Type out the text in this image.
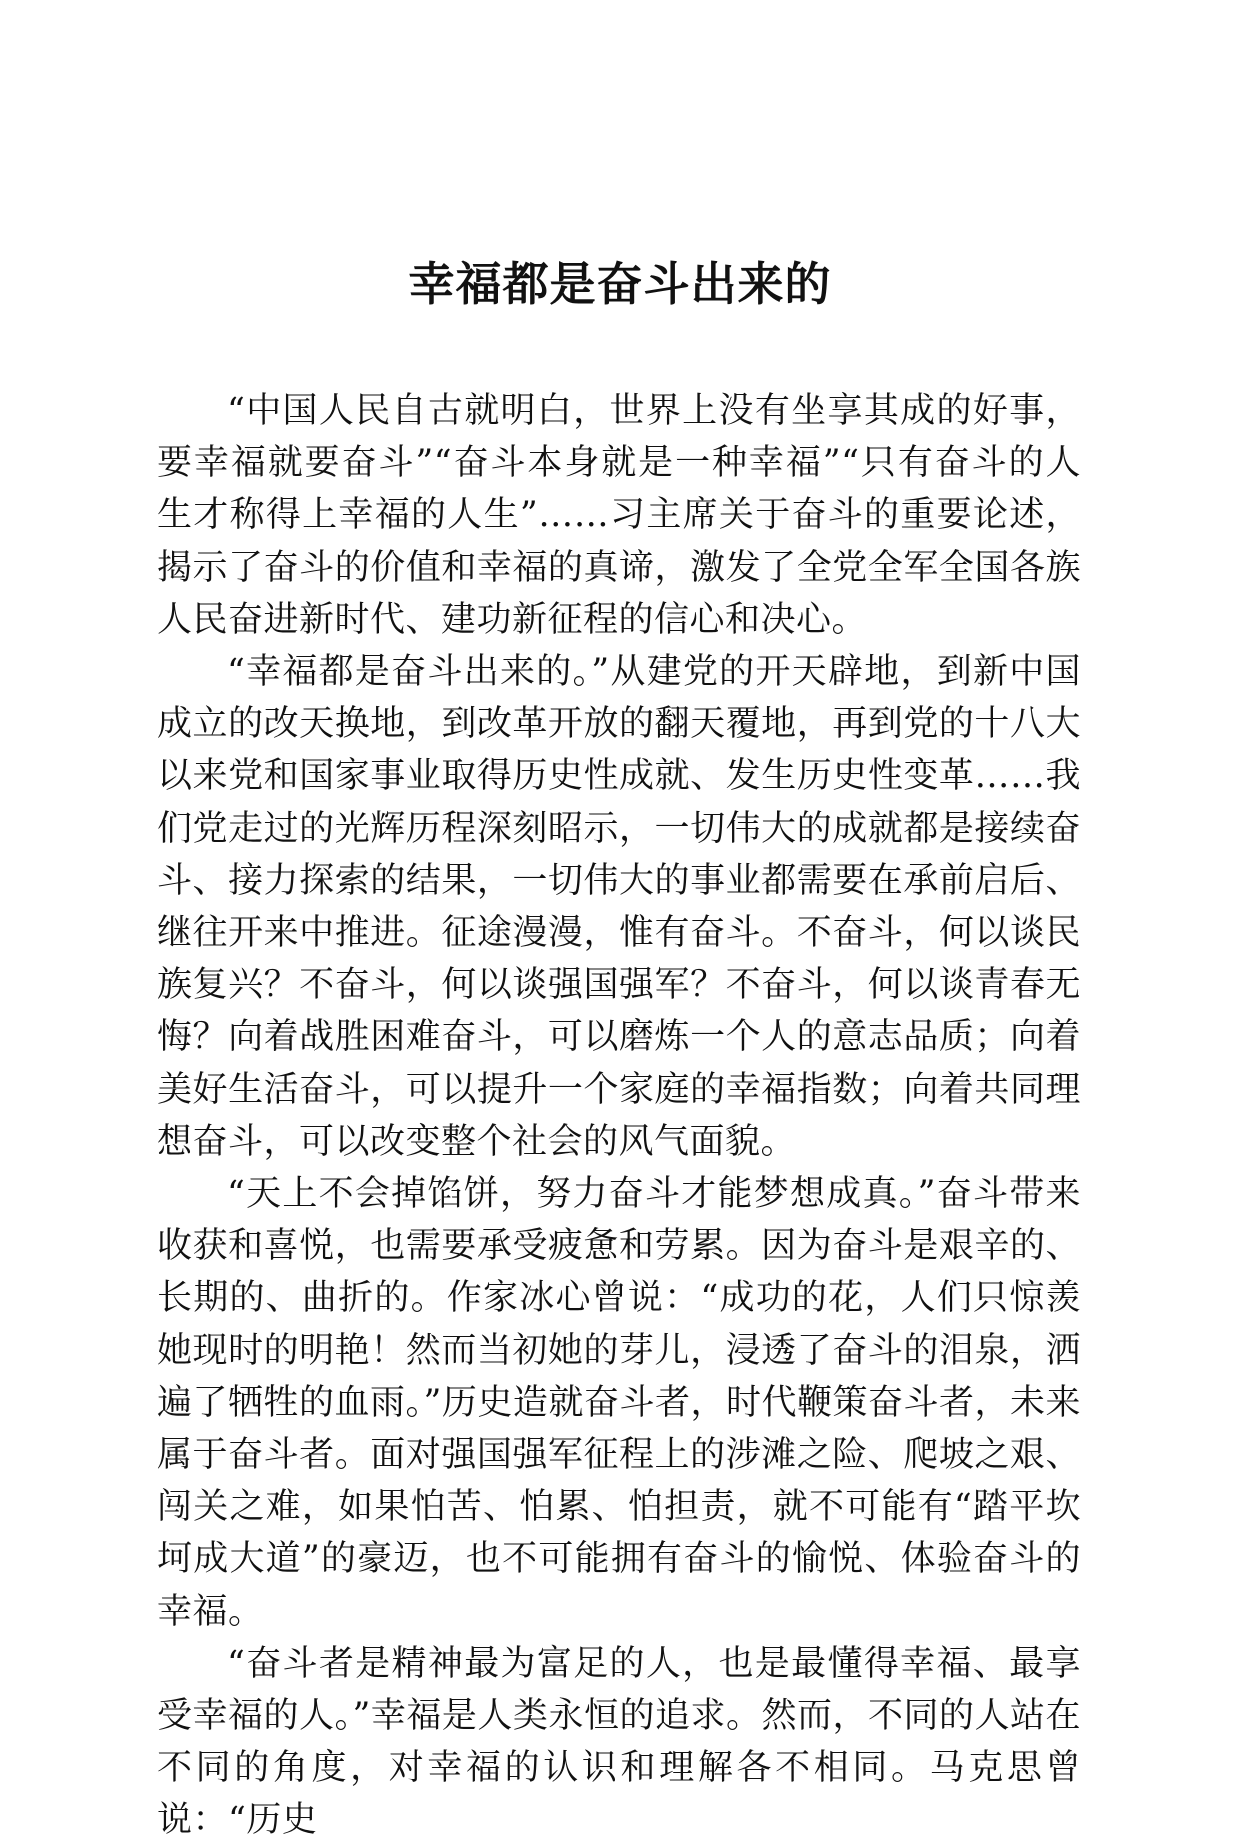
幸福都是奋斗出来的

“中国人民自古就明白，世界上没有坐享其成的好事，要幸福就要奋斗”“奋斗本身就是一种幸福”“只有奋斗的人生才称得上幸福的人生”……习主席关于奋斗的重要论述，揭示了奋斗的价值和幸福的真谛，激发了全党全军全国各族人民奋进新时代、建功新征程的信心和决心。

“幸福都是奋斗出来的。”从建党的开天辟地，到新中国成立的改天换地，到改革开放的翻天覆地，再到党的十八大以来党和国家事业取得历史性成就、发生历史性变革……我们党走过的光辉历程深刻昭示，一切伟大的成就都是接续奋斗、接力探索的结果，一切伟大的事业都需要在承前启后、继往开来中推进。征途漫漫，惟有奋斗。不奋斗，何以谈民族复兴？不奋斗，何以谈强国强军？不奋斗，何以谈青春无悔？向着战胜困难奋斗，可以磨炼一个人的意志品质；向着美好生活奋斗，可以提升一个家庭的幸福指数；向着共同理想奋斗，可以改变整个社会的风气面貌。

“天上不会掉馅饼，努力奋斗才能梦想成真。”奋斗带来收获和喜悦，也需要承受疲惫和劳累。因为奋斗是艰辛的、长期的、曲折的。作家冰心曾说：“成功的花，人们只惊羡她现时的明艳！然而当初她的芽儿，浸透了奋斗的泪泉，洒遍了牺牲的血雨。”历史造就奋斗者，时代鞭策奋斗者，未来属于奋斗者。面对强国强军征程上的涉滩之险、爬坡之艰、闯关之难，如果怕苦、怕累、怕担责，就不可能有“踏平坎坷成大道”的豪迈，也不可能拥有奋斗的愉悦、体验奋斗的幸福。

“奋斗者是精神最为富足的人，也是最懂得幸福、最享受幸福的人。”幸福是人类永恒的追求。然而，不同的人站在不同的角度，对幸福的认识和理解各不相同。马克思曾说：“历史
